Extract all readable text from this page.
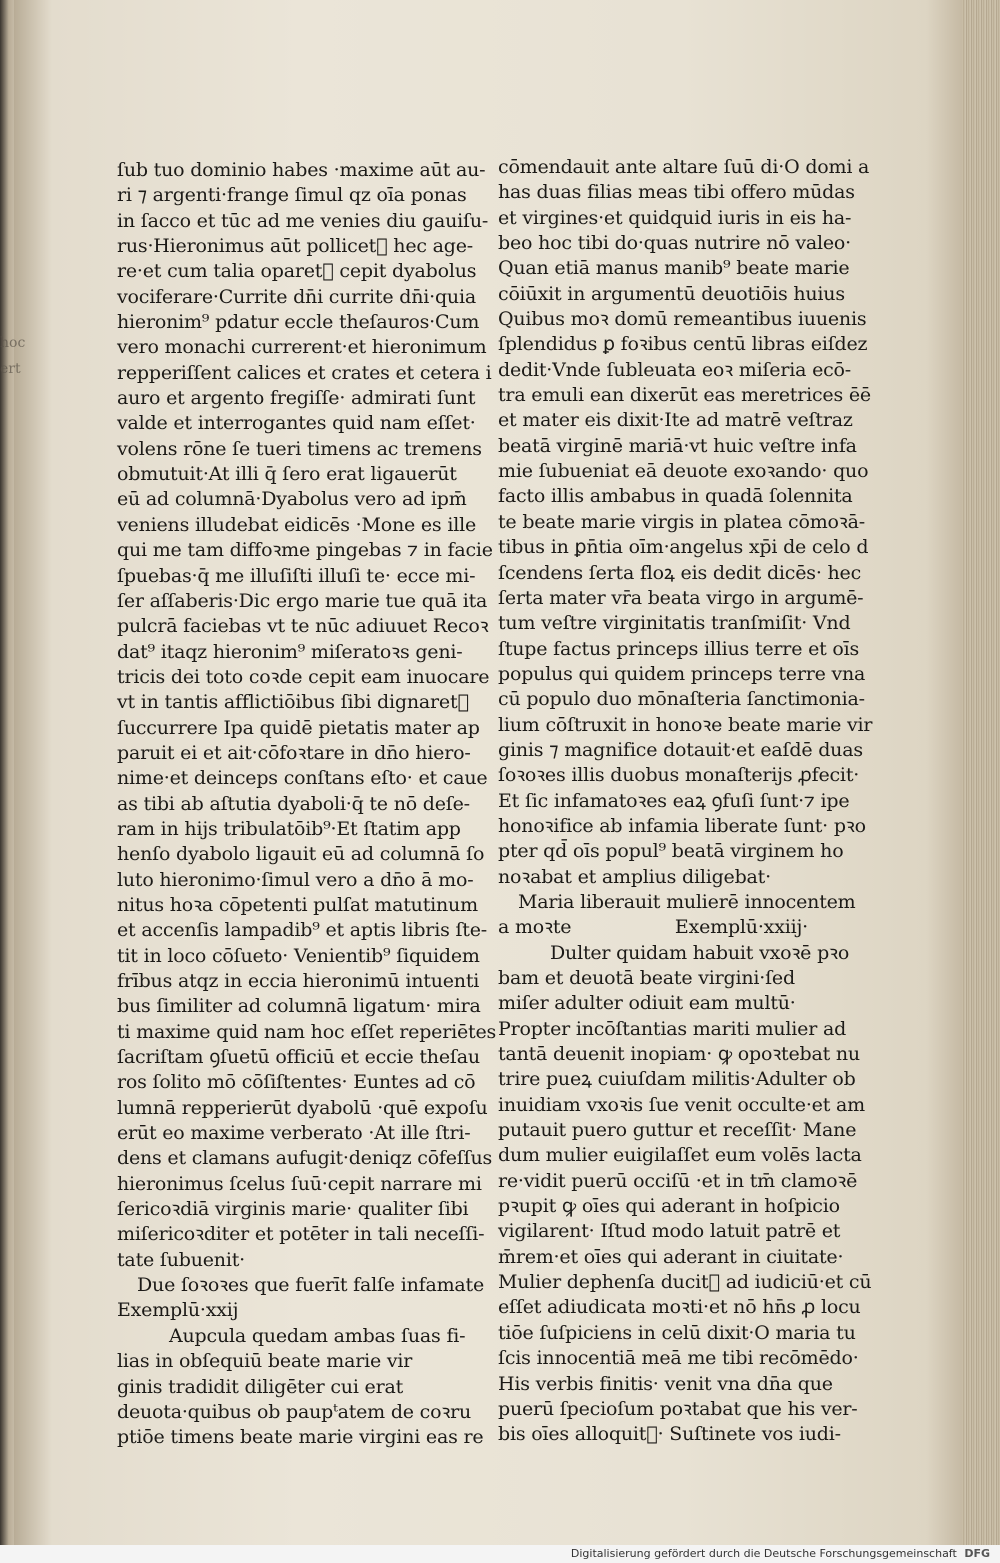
hoc ert
ſub tuo dominio habes ·maxime aūt au-
ri ⁊ argenti·frange ſimul qz oīa ponas
in ſacco et tūc ad me venies diu gauiſu-
rus·Hieronimus aūt pollicet᷒ hec age-
re·et cum talia oparet᷒ cepit dyabolus
vociferare·Currite dn̄i currite dn̄i·quia
hieronim⁹ pdatur eccle theſauros·Cum
vero monachi currerent·et hieronimum
repperiſſent calices et crates et cetera i
auro et argento fregiſſe· admirati ſunt
valde et interrogantes quid nam eſſet·
volens rōne ſe tueri timens ac tremens
obmutuit·At illi q̄ ſero erat ligauerūt
eū ad columnā·Dyabolus vero ad ipm̄
veniens illudebat eidicēs ·Mone es ille
qui me tam diffoꝛme pingebas ⁊ in facie
ſpuebas·q̄ me illuſiſti illuſi te· ecce mi-
ſer aſſaberis·Dic ergo marie tue quā ita
pulcrā faciebas vt te nūc adiuuet Recoꝛ
dat⁹ itaqz hieronim⁹ miſeratoꝛs geni-
tricis dei toto coꝛde cepit eam inuocare
vt in tantis afflictiōibus ſibi dignaret᷒
ſuccurrere Ipa quidē pietatis mater ap
paruit ei et ait·cōfoꝛtare in dn̄o hiero-
nime·et deinceps conſtans eſto· et caue
as tibi ab aſtutia dyaboli·q̄ te nō deſe-
ram in hijs tribulatōib⁹·Et ſtatim app
henſo dyabolo ligauit eū ad columnā ſo
luto hieronimo·ſimul vero a dn̄o ā mo-
nitus hoꝛa cōpetenti pulſat matutinum
et accenſis lampadib⁹ et aptis libris ſte-
tit in loco cōſueto· Venientib⁹ ſiquidem
frībus atqz in eccia hieronimū intuenti
bus ſimiliter ad columnā ligatum· mira
ti maxime quid nam hoc eſſet reperiētes
ſacriſtam ꝯſuetū officiū et eccie theſau
ros ſolito mō cōſiſtentes· Euntes ad cō
lumnā repperierūt dyabolū ·quē expoſu
erūt eo maxime verberato ·At ille ſtri-
dens et clamans aufugit·deniqz cōfeſſus
hieronimus ſcelus ſuū·cepit narrare mi
ſericoꝛdiā virginis marie· qualiter ſibi
miſericoꝛditer et potēter in tali neceſſi-
tate ſubuenit·
Due ſoꝛoꝛes que fuerīt falſe infamate
Exemplū·xxij
Aupcula quedam ambas ſuas fi-
lias in obſequiū beate marie vir
ginis tradidit diligēter cui erat
deuota·quibus ob paupᵗatem de coꝛru
ptiōe timens beate marie virgini eas re
cōmendauit ante altare ſuū di·O domi a
has duas filias meas tibi offero mūdas
et virgines·et quidquid iuris in eis ha-
beo hoc tibi do·quas nutrire nō valeo·
Quan etiā manus manib⁹ beate marie
cōiūxit in argumentū deuotiōis huius
Quibus moꝛ domū remeantibus iuuenis
ſplendidus ꝑ foꝛibus centū libras eiſdez
dedit·Vnde ſubleuata eoꝛ miſeria ecō-
tra emuli ean dixerūt eas meretrices ēē
et mater eis dixit·Ite ad matrē veſtraz
beatā virginē mariā·vt huic veſtre infa
mie ſubueniat eā deuote exoꝛando· quo
facto illis ambabus in quadā ſolennita
te beate marie virgis in platea cōmoꝛā-
tibus in ꝑn̄tia oīm·angelus xp̄i de celo d
ſcendens ſerta floꝝ eis dedit dicēs· hec
ſerta mater vr̄a beata virgo in argumē-
tum veſtre virginitatis tranſmiſit· Vnd
ſtupe factus princeps illius terre et oīs
populus qui quidem princeps terre vna
cū populo duo mōnaſteria ſanctimonia-
lium cōſtruxit in honoꝛe beate marie vir
ginis ⁊ magnifice dotauit·et eaſdē duas
ſoꝛoꝛes illis duobus monaſterijs ꝓfecit·
Et ſic infamatoꝛes eaꝝ ꝯfuſi ſunt·⁊ ipe
honoꝛifice ab infamia liberate ſunt· pꝛo
pter qd̄ oīs popul⁹ beatā virginem ho
noꝛabat et amplius diligebat·
Maria liberauit mulierē innocentem
a moꝛte	Exemplū·xxiij·
Dulter quidam habuit vxoꝛē pꝛo
bam et deuotā beate virgini·ſed
miſer adulter odiuit eam multū·
Propter incōſtantias mariti mulier ad
tantā deuenit inopiam· ꝙ opoꝛtebat nu
trire pueꝝ cuiuſdam militis·Adulter ob
inuidiam vxoꝛis ſue venit occulte·et am
putauit puero guttur et receſſit· Mane
dum mulier euigilaſſet eum volēs lacta
re·vidit puerū occiſū ·et in tm̄ clamoꝛē
pꝛupit ꝙ oīes qui aderant in hoſpicio
vigilarent· Iſtud modo latuit patrē et
m̄rem·et oīes qui aderant in ciuitate·
Mulier dephenſa ducit᷒ ad iudiciū·et cū
eſſet adiudicata moꝛti·et nō hn̄s ꝓ locu
tiōe ſuſpiciens in celū dixit·O maria tu
ſcis innocentiā meā me tibi recōmēdo·
His verbis finitis· venit vna dn̄a que
puerū ſpecioſum poꝛtabat que his ver-
bis oīes alloquit᷒· Suſtinete vos iudi-
Digitalisierung gefördert durch die Deutsche Forschungsgemeinschaft DFG
